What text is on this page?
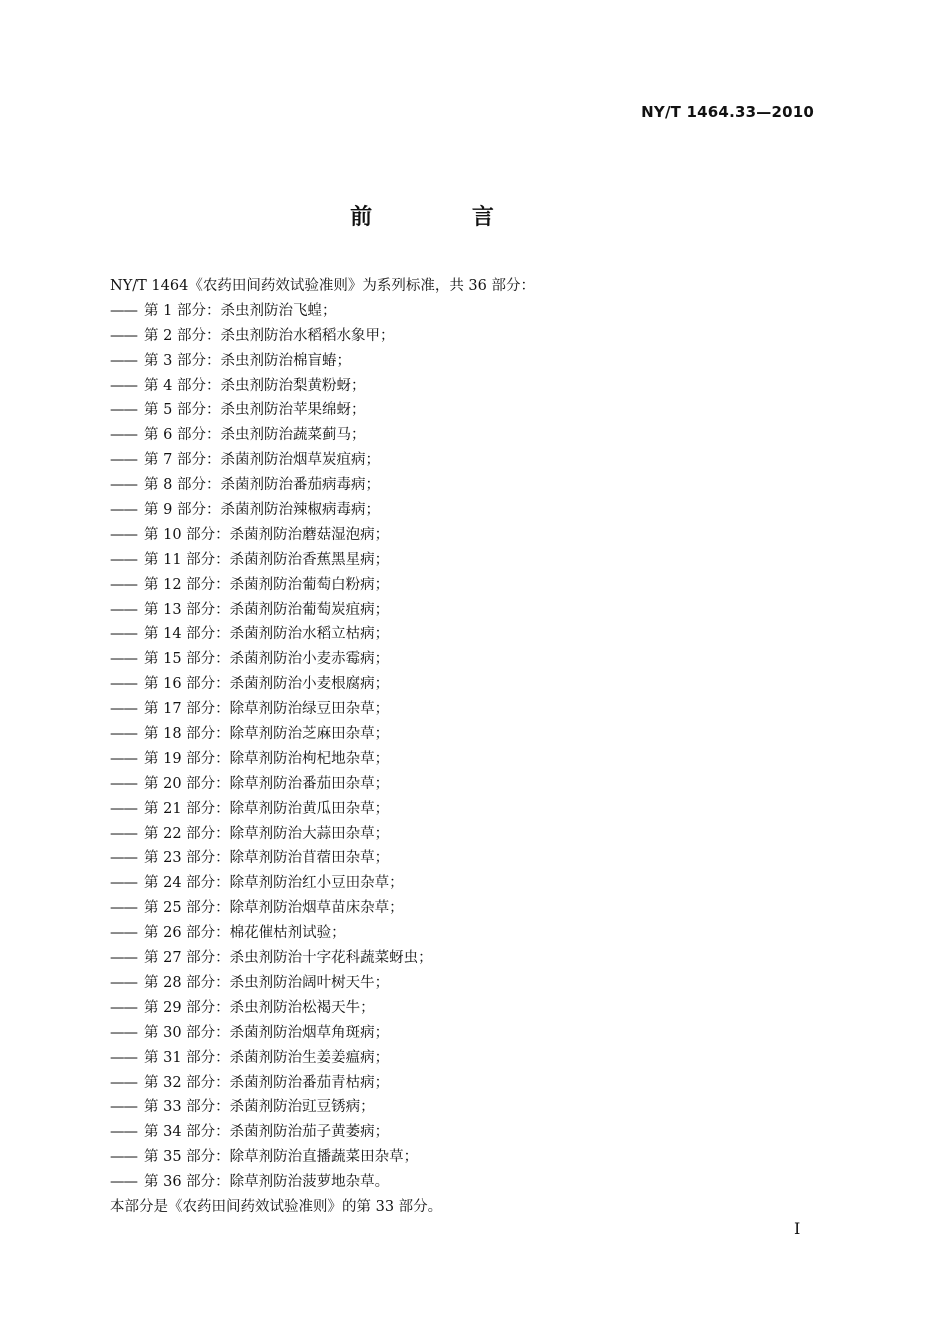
NY/T 1464.33—2010
前 言
NY/T 1464《农药田间药效试验准则》为系列标准，共 36 部分：
—— 第 1 部分：杀虫剂防治飞蝗；
—— 第 2 部分：杀虫剂防治水稻稻水象甲；
—— 第 3 部分：杀虫剂防治棉盲蝽；
—— 第 4 部分：杀虫剂防治梨黄粉蚜；
—— 第 5 部分：杀虫剂防治苹果绵蚜；
—— 第 6 部分：杀虫剂防治蔬菜蓟马；
—— 第 7 部分：杀菌剂防治烟草炭疽病；
—— 第 8 部分：杀菌剂防治番茄病毒病；
—— 第 9 部分：杀菌剂防治辣椒病毒病；
—— 第 10 部分：杀菌剂防治蘑菇湿泡病；
—— 第 11 部分：杀菌剂防治香蕉黑星病；
—— 第 12 部分：杀菌剂防治葡萄白粉病；
—— 第 13 部分：杀菌剂防治葡萄炭疽病；
—— 第 14 部分：杀菌剂防治水稻立枯病；
—— 第 15 部分：杀菌剂防治小麦赤霉病；
—— 第 16 部分：杀菌剂防治小麦根腐病；
—— 第 17 部分：除草剂防治绿豆田杂草；
—— 第 18 部分：除草剂防治芝麻田杂草；
—— 第 19 部分：除草剂防治枸杞地杂草；
—— 第 20 部分：除草剂防治番茄田杂草；
—— 第 21 部分：除草剂防治黄瓜田杂草；
—— 第 22 部分：除草剂防治大蒜田杂草；
—— 第 23 部分：除草剂防治苜蓿田杂草；
—— 第 24 部分：除草剂防治红小豆田杂草；
—— 第 25 部分：除草剂防治烟草苗床杂草；
—— 第 26 部分：棉花催枯剂试验；
—— 第 27 部分：杀虫剂防治十字花科蔬菜蚜虫；
—— 第 28 部分：杀虫剂防治阔叶树天牛；
—— 第 29 部分：杀虫剂防治松褐天牛；
—— 第 30 部分：杀菌剂防治烟草角斑病；
—— 第 31 部分：杀菌剂防治生姜姜瘟病；
—— 第 32 部分：杀菌剂防治番茄青枯病；
—— 第 33 部分：杀菌剂防治豇豆锈病；
—— 第 34 部分：杀菌剂防治茄子黄萎病；
—— 第 35 部分：除草剂防治直播蔬菜田杂草；
—— 第 36 部分：除草剂防治菠萝地杂草。
本部分是《农药田间药效试验准则》的第 33 部分。
I
